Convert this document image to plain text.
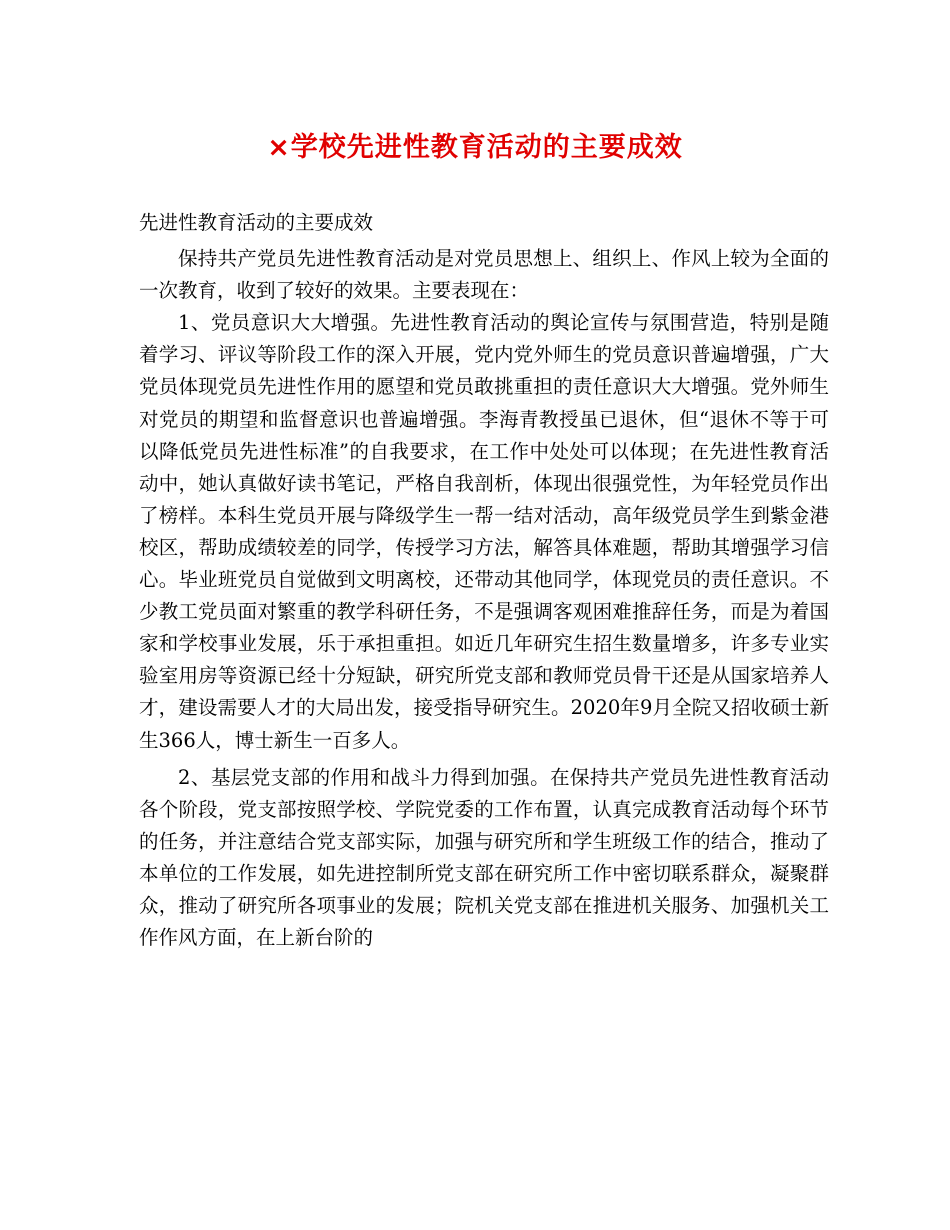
×学校先进性教育活动的主要成效

先进性教育活动的主要成效

保持共产党员先进性教育活动是对党员思想上、组织上、作风上较为全面的一次教育，收到了较好的效果。主要表现在：

1、党员意识大大增强。先进性教育活动的舆论宣传与氛围营造，特别是随着学习、评议等阶段工作的深入开展，党内党外师生的党员意识普遍增强，广大党员体现党员先进性作用的愿望和党员敢挑重担的责任意识大大增强。党外师生对党员的期望和监督意识也普遍增强。李海青教授虽已退休，但“退休不等于可以降低党员先进性标准”的自我要求，在工作中处处可以体现；在先进性教育活动中，她认真做好读书笔记，严格自我剖析，体现出很强党性，为年轻党员作出了榜样。本科生党员开展与降级学生一帮一结对活动，高年级党员学生到紫金港校区，帮助成绩较差的同学，传授学习方法，解答具体难题，帮助其增强学习信心。毕业班党员自觉做到文明离校，还带动其他同学，体现党员的责任意识。不少教工党员面对繁重的教学科研任务，不是强调客观困难推辞任务，而是为着国家和学校事业发展，乐于承担重担。如近几年研究生招生数量增多，许多专业实验室用房等资源已经十分短缺，研究所党支部和教师党员骨干还是从国家培养人才，建设需要人才的大局出发，接受指导研究生。2020年9月全院又招收硕士新生366人，博士新生一百多人。

2、基层党支部的作用和战斗力得到加强。在保持共产党员先进性教育活动各个阶段，党支部按照学校、学院党委的工作布置，认真完成教育活动每个环节的任务，并注意结合党支部实际，加强与研究所和学生班级工作的结合，推动了本单位的工作发展，如先进控制所党支部在研究所工作中密切联系群众，凝聚群众，推动了研究所各项事业的发展；院机关党支部在推进机关服务、加强机关工作作风方面，在上新台阶的
